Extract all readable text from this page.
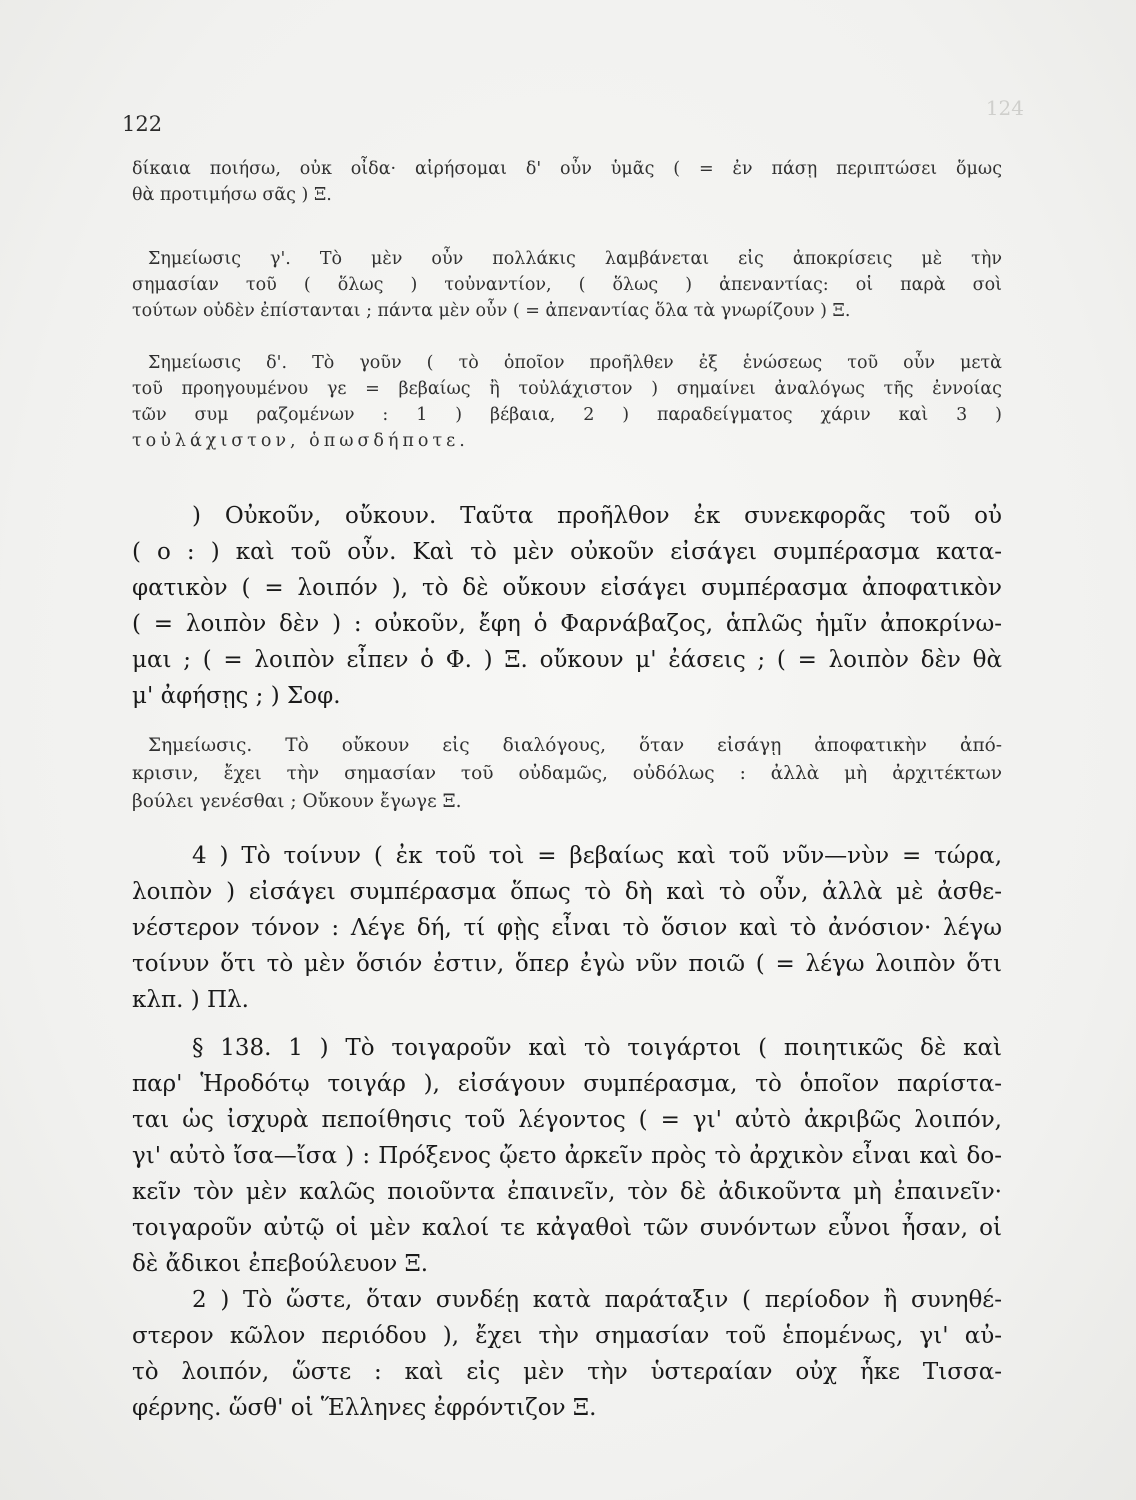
122
124
δίκαια ποιήσω, οὐκ οἶδα· αἱρήσομαι δ' οὖν ὑμᾶς ( = ἐν πάσῃ περιπτώσει ὅμως
θὰ προτιμήσω σᾶς ) Ξ.
Σημείωσις γ'. Τὸ μὲν οὖν πολλάκις λαμβάνεται εἰς ἀποκρίσεις μὲ τὴν
σημασίαν τοῦ ( ὅλως ) τοὐναντίον, ( ὅλως ) ἀπεναντίας: οἱ παρὰ σοὶ
τούτων οὐδὲν ἐπίστανται ; πάντα μὲν οὖν ( = ἀπεναντίας ὅλα τὰ γνωρίζουν ) Ξ.
Σημείωσις δ'. Τὸ γοῦν ( τὸ ὁποῖον προῆλθεν ἐξ ἑνώσεως τοῦ οὖν μετὰ
τοῦ προηγουμένου γε = βεβαίως ἢ τοὐλάχιστον ) σημαίνει ἀναλόγως τῆς ἐννοίας
τῶν συμ ραζομένων : 1 ) βέβαια, 2 ) παραδείγματος χάριν καὶ 3 )
τοὐλάχιστον, ὁπωσδήποτε.
) Οὐκοῦν, οὔκουν. Ταῦτα προῆλθον ἐκ συνεκφορᾶς τοῦ οὐ
( ο : ) καὶ τοῦ οὖν. Καὶ τὸ μὲν οὐκοῦν εἰσάγει συμπέρασμα κατα-
φατικὸν ( = λοιπόν ), τὸ δὲ οὔκουν εἰσάγει συμπέρασμα ἀποφατικὸν
( = λοιπὸν δὲν ) : οὐκοῦν, ἔφη ὁ Φαρνάβαζος, ἁπλῶς ἡμῖν ἀποκρίνω-
μαι ; ( = λοιπὸν εἶπεν ὁ Φ. ) Ξ. οὔκουν μ' ἐάσεις ; ( = λοιπὸν δὲν θὰ
μ' ἀφήσῃς ; ) Σοφ.
Σημείωσις. Τὸ οὔκουν εἰς διαλόγους, ὅταν εἰσάγῃ ἀποφατικὴν ἀπό-
κρισιν, ἔχει τὴν σημασίαν τοῦ οὐδαμῶς, οὐδόλως : ἀλλὰ μὴ ἀρχιτέκτων
βούλει γενέσθαι ; Οὔκουν ἔγωγε Ξ.
4 ) Τὸ τοίνυν ( ἐκ τοῦ τοὶ = βεβαίως καὶ τοῦ νῦν—νὺν = τώρα,
λοιπὸν ) εἰσάγει συμπέρασμα ὅπως τὸ δὴ καὶ τὸ οὖν, ἀλλὰ μὲ ἀσθε-
νέστερον τόνον : Λέγε δή, τί φῂς εἶναι τὸ ὅσιον καὶ τὸ ἀνόσιον· λέγω
τοίνυν ὅτι τὸ μὲν ὅσιόν ἐστιν, ὅπερ ἐγὼ νῦν ποιῶ ( = λέγω λοιπὸν ὅτι
κλπ. ) Πλ.
§ 138. 1 ) Τὸ τοιγαροῦν καὶ τὸ τοιγάρτοι ( ποιητικῶς δὲ καὶ
παρ' Ἡροδότῳ τοιγάρ ), εἰσάγουν συμπέρασμα, τὸ ὁποῖον παρίστα-
ται ὡς ἰσχυρὰ πεποίθησις τοῦ λέγοντος ( = γι' αὐτὸ ἀκριβῶς λοιπόν,
γι' αὐτὸ ἴσα—ἴσα ) : Πρόξενος ᾤετο ἀρκεῖν πρὸς τὸ ἀρχικὸν εἶναι καὶ δο-
κεῖν τὸν μὲν καλῶς ποιοῦντα ἐπαινεῖν, τὸν δὲ ἀδικοῦντα μὴ ἐπαινεῖν·
τοιγαροῦν αὐτῷ οἱ μὲν καλοί τε κἀγαθοὶ τῶν συνόντων εὖνοι ἦσαν, οἱ
δὲ ἄδικοι ἐπεβούλευον Ξ.
2 ) Τὸ ὥστε, ὅταν συνδέῃ κατὰ παράταξιν ( περίοδον ἢ συνηθέ-
στερον κῶλον περιόδου ), ἔχει τὴν σημασίαν τοῦ ἑπομένως, γι' αὐ-
τὸ λοιπόν, ὥστε : καὶ εἰς μὲν τὴν ὑστεραίαν οὐχ ἧκε Τισσα-
φέρνης. ὥσθ' οἱ Ἕλληνες ἐφρόντιζον Ξ.
